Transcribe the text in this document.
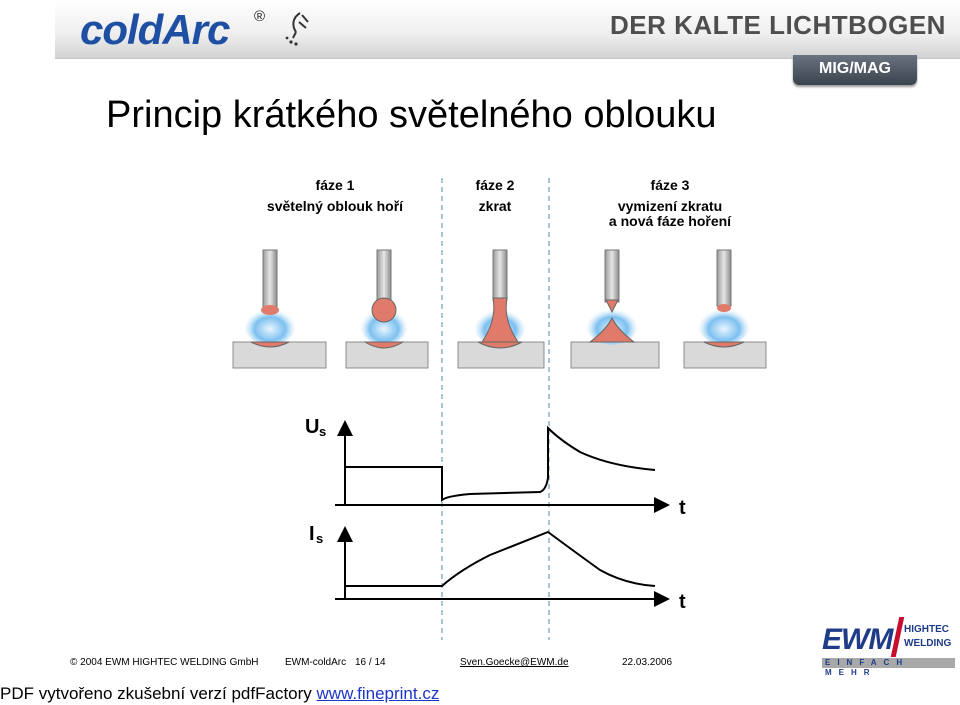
coldArc ®	DER KALTE LICHTBOGEN
MIG/MAG
Princip krátkého světelného oblouku
fáze 1
světelný oblouk hoří
fáze 2
zkrat
fáze 3
vymizení zkratu
a nová fáze hoření
U s
t
I s
t
© 2004 EWM HIGHTEC WELDING GmbH	EWM-coldArc 16 / 14	Sven.Goecke@EWM.de	22.03.2006
EWM HIGHTEC
WELDING
EINFACH MEHR
PDF vytvořeno zkušební verzí pdfFactory www.fineprint.cz
